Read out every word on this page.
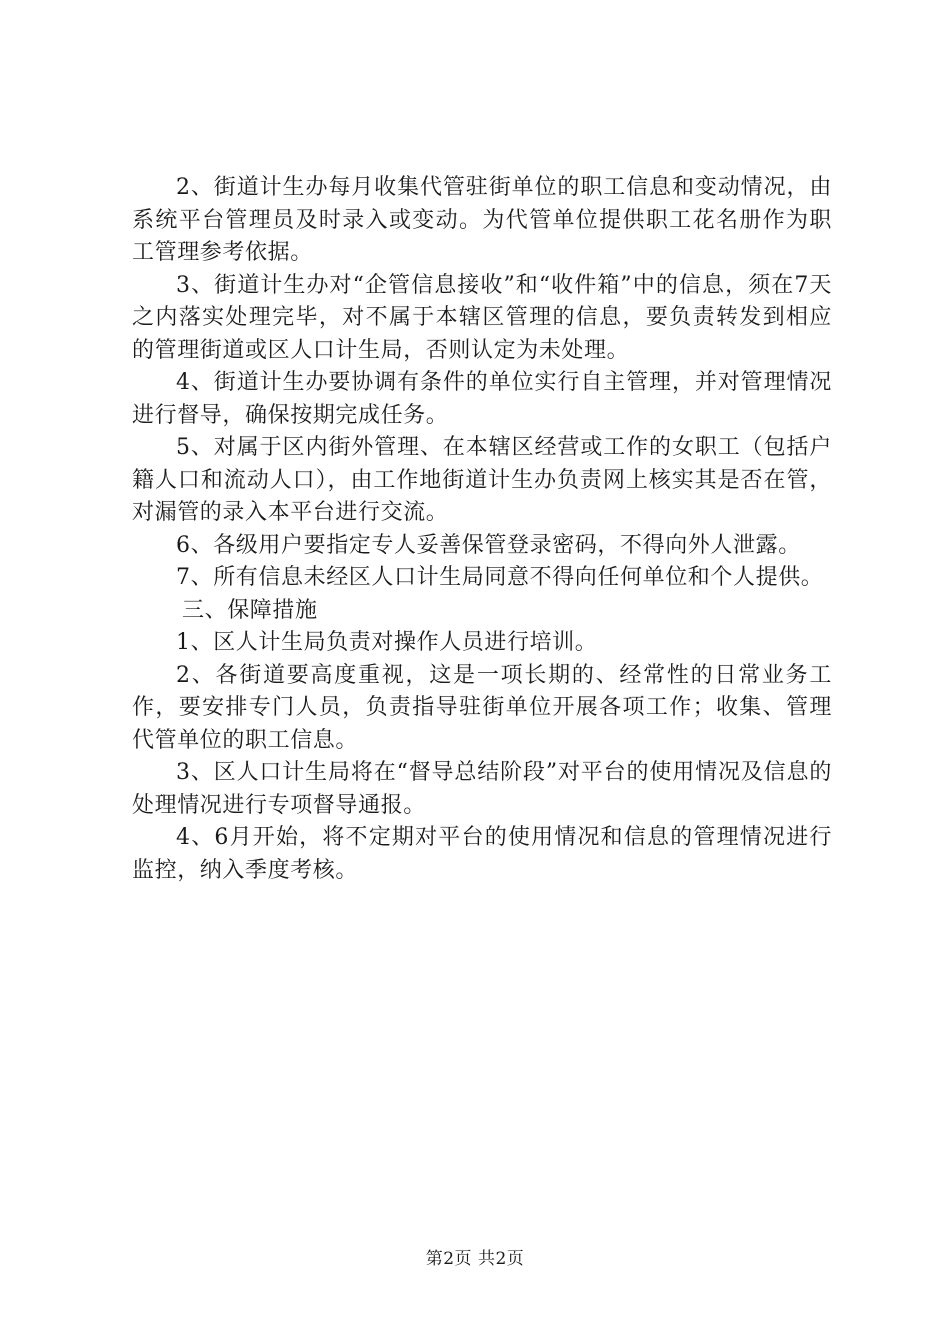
2、街道计生办每月收集代管驻街单位的职工信息和变动情况，由系统平台管理员及时录入或变动。为代管单位提供职工花名册作为职工管理参考依据。

3、街道计生办对“企管信息接收”和“收件箱”中的信息，须在7天之内落实处理完毕，对不属于本辖区管理的信息，要负责转发到相应的管理街道或区人口计生局，否则认定为未处理。

4、街道计生办要协调有条件的单位实行自主管理，并对管理情况进行督导，确保按期完成任务。

5、对属于区内街外管理、在本辖区经营或工作的女职工（包括户籍人口和流动人口），由工作地街道计生办负责网上核实其是否在管，对漏管的录入本平台进行交流。

6、各级用户要指定专人妥善保管登录密码，不得向外人泄露。

7、所有信息未经区人口计生局同意不得向任何单位和个人提供。

三、保障措施

1、区人计生局负责对操作人员进行培训。

2、各街道要高度重视，这是一项长期的、经常性的日常业务工作，要安排专门人员，负责指导驻街单位开展各项工作；收集、管理代管单位的职工信息。

3、区人口计生局将在“督导总结阶段”对平台的使用情况及信息的处理情况进行专项督导通报。

4、6月开始，将不定期对平台的使用情况和信息的管理情况进行监控，纳入季度考核。

第2页 共2页
